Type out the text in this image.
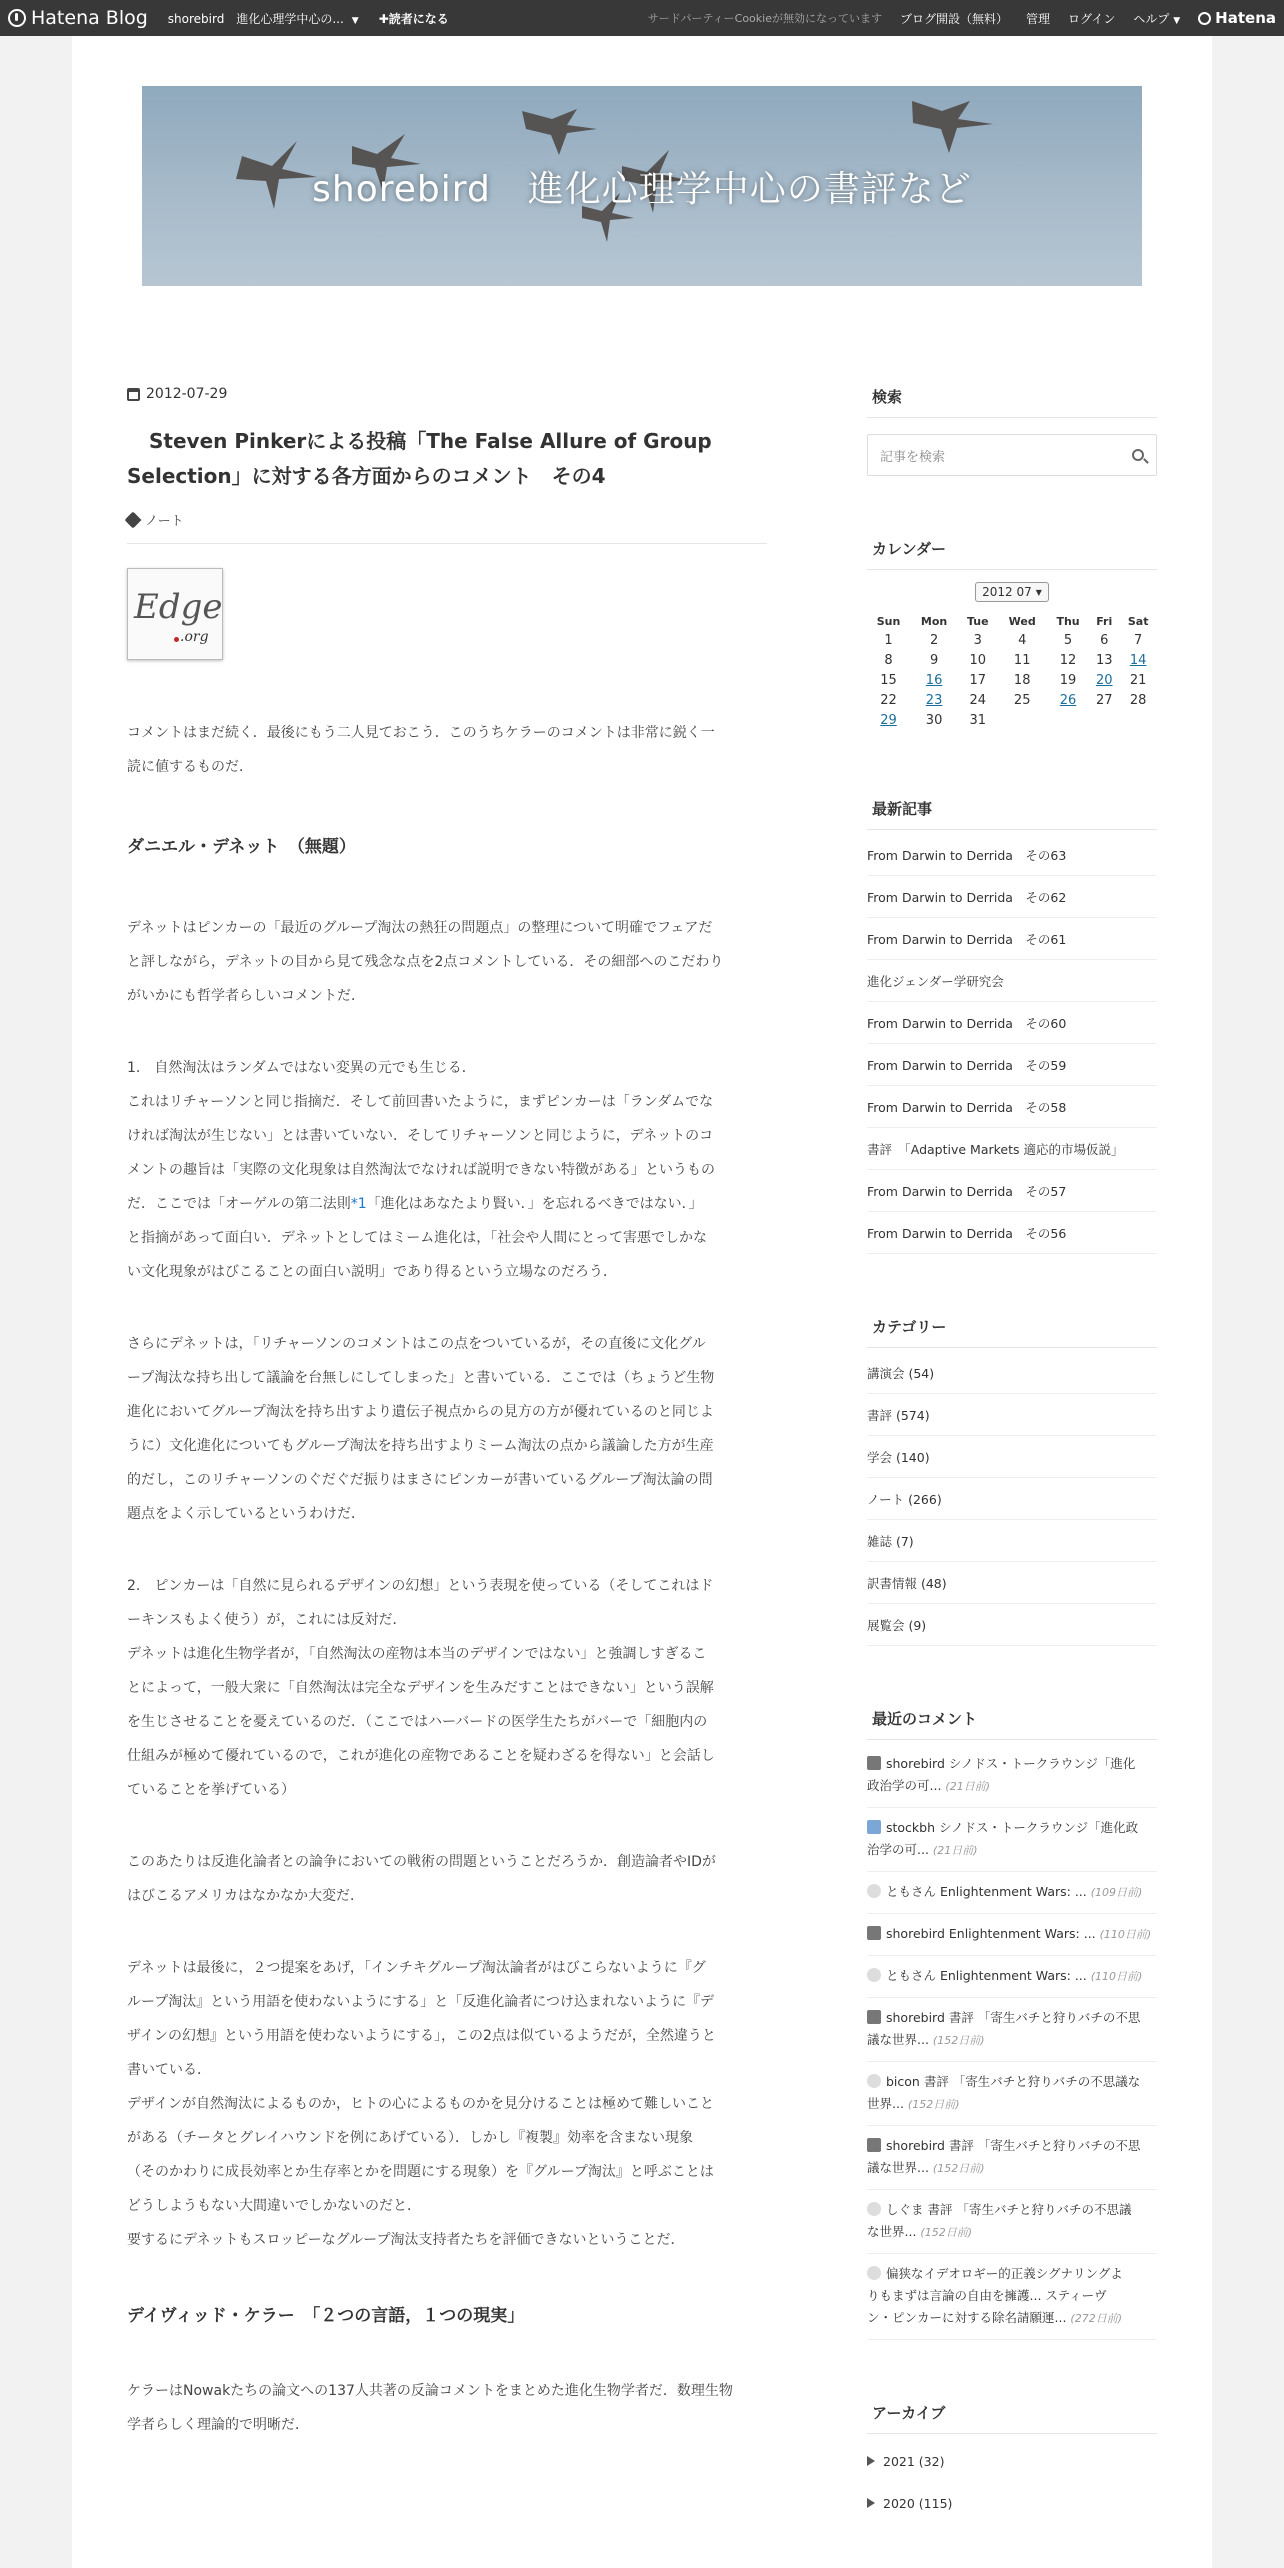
Hatena Blog shorebird　進化心理学中心の... ▼ ✚読者になる	サードパーティーCookieが無効になっています ブログ開設（無料） 管理 ログイン ヘルプ ▼ Hatena
shorebird　進化心理学中心の書評など
2012-07-29
Steven Pinkerによる投稿「The False Allure of Group Selection」に対する各方面からのコメント　その4
ノート
Edge
.org
コメントはまだ続く．最後にもう二人見ておこう．このうちケラーのコメントは非常に鋭く一
読に値するものだ．
ダニエル・デネット　（無題）
デネットはピンカーの「最近のグループ淘汰の熱狂の問題点」の整理について明確でフェアだ
と評しながら，デネットの目から見て残念な点を2点コメントしている．その細部へのこだわり
がいかにも哲学者らしいコメントだ．
1.　自然淘汰はランダムではない変異の元でも生じる．
これはリチャーソンと同じ指摘だ．そして前回書いたように，まずピンカーは「ランダムでな
ければ淘汰が生じない」とは書いていない．そしてリチャーソンと同じように，デネットのコ
メントの趣旨は「実際の文化現象は自然淘汰でなければ説明できない特徴がある」というもの
だ．ここでは「オーゲルの第二法則*1「進化はあなたより賢い．」を忘れるべきではない．」
と指摘があって面白い．デネットとしてはミーム進化は，「社会や人間にとって害悪でしかな
い文化現象がはびこることの面白い説明」であり得るという立場なのだろう．
さらにデネットは，「リチャーソンのコメントはこの点をついているが，その直後に文化グル
ープ淘汰な持ち出して議論を台無しにしてしまった」と書いている．ここでは（ちょうど生物
進化においてグループ淘汰を持ち出すより遺伝子視点からの見方の方が優れているのと同じよ
うに）文化進化についてもグループ淘汰を持ち出すよりミーム淘汰の点から議論した方が生産
的だし，このリチャーソンのぐだぐだ振りはまさにピンカーが書いているグループ淘汰論の問
題点をよく示しているというわけだ．
2.　ピンカーは「自然に見られるデザインの幻想」という表現を使っている（そしてこれはド
ーキンスもよく使う）が，これには反対だ．
デネットは進化生物学者が，「自然淘汰の産物は本当のデザインではない」と強調しすぎるこ
とによって，一般大衆に「自然淘汰は完全なデザインを生みだすことはできない」という誤解
を生じさせることを憂えているのだ．（ここではハーバードの医学生たちがバーで「細胞内の
仕組みが極めて優れているので，これが進化の産物であることを疑わざるを得ない」と会話し
ていることを挙げている）
このあたりは反進化論者との論争においての戦術の問題ということだろうか．創造論者やIDが
はびこるアメリカはなかなか大変だ．
デネットは最後に，２つ提案をあげ，「インチキグループ淘汰論者がはびこらないように『グ
ループ淘汰』という用語を使わないようにする」と「反進化論者につけ込まれないように『デ
ザインの幻想』という用語を使わないようにする」，この2点は似ているようだが，全然違うと
書いている．
デザインが自然淘汰によるものか，ヒトの心によるものかを見分けることは極めて難しいこと
がある（チータとグレイハウンドを例にあげている）．しかし『複製』効率を含まない現象
（そのかわりに成長効率とか生存率とかを問題にする現象）を『グループ淘汰』と呼ぶことは
どうしようもない大間違いでしかないのだと．
要するにデネットもスロッピーなグループ淘汰支持者たちを評価できないということだ．
デイヴィッド・ケラー　「２つの言語，１つの現実」
ケラーはNowakたちの論文への137人共著の反論コメントをまとめた進化生物学者だ．数理生物
学者らしく理論的で明晰だ．
検索
記事を検索
カレンダー
2012 07 ▼
Sun	Mon	Tue	Wed	Thu	Fri	Sat
1	2	3	4	5	6	7
8	9	10	11	12	13	14
15	16	17	18	19	20	21
22	23	24	25	26	27	28
29	30	31				
最新記事
From Darwin to Derrida　その63
From Darwin to Derrida　その62
From Darwin to Derrida　その61
進化ジェンダー学研究会
From Darwin to Derrida　その60
From Darwin to Derrida　その59
From Darwin to Derrida　その58
書評　「Adaptive Markets 適応的市場仮説」
From Darwin to Derrida　その57
From Darwin to Derrida　その56
カテゴリー
講演会 (54)
書評 (574)
学会 (140)
ノート (266)
雑誌 (7)
訳書情報 (48)
展覧会 (9)
最近のコメント
shorebird シノドス・トークラウンジ「進化
政治学の可... (21日前)
stockbh シノドス・トークラウンジ「進化政
治学の可... (21日前)
ともさん Enlightenment Wars: ... (109日前)
shorebird Enlightenment Wars: ... (110日前)
ともさん Enlightenment Wars: ... (110日前)
shorebird 書評 「寄生バチと狩りバチの不思
議な世界... (152日前)
bicon 書評 「寄生バチと狩りバチの不思議な
世界... (152日前)
shorebird 書評 「寄生バチと狩りバチの不思
議な世界... (152日前)
しぐま 書評 「寄生バチと狩りバチの不思議
な世界... (152日前)
偏狭なイデオロギー的正義シグナリングよ
りもまずは言論の自由を擁護... スティーヴ
ン・ピンカーに対する除名請願運... (272日前)
アーカイブ
2021 (32)
2020 (115)
